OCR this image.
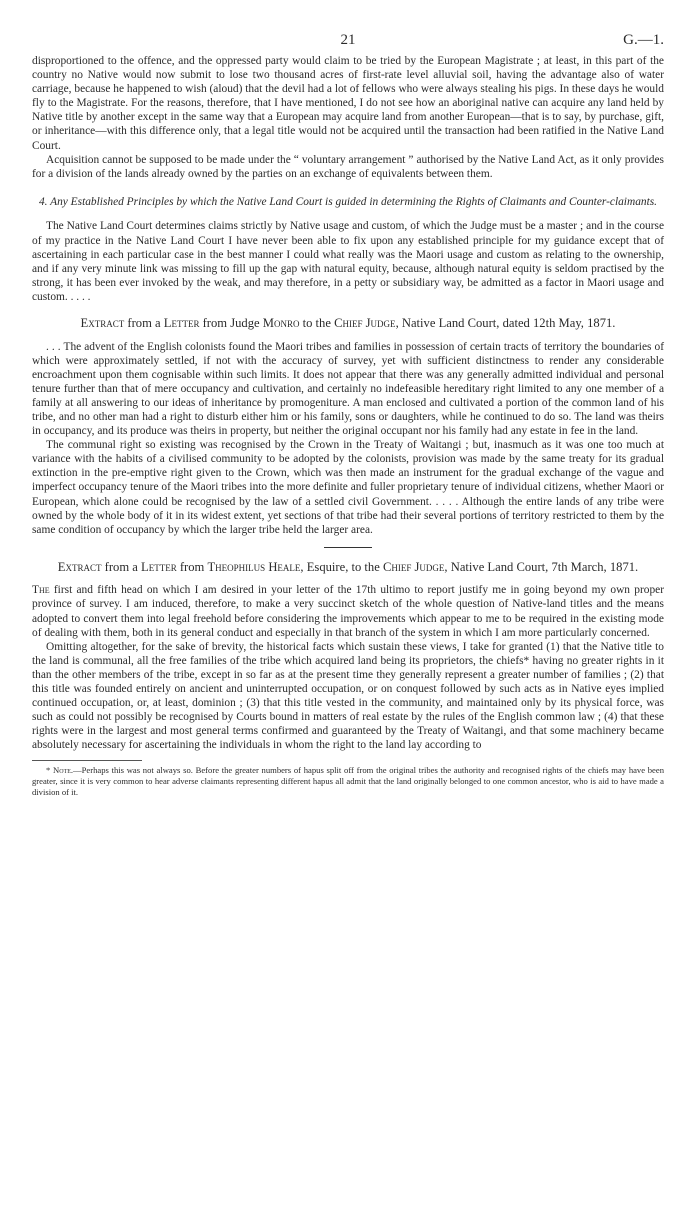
21	G.—1.

disproportioned to the offence, and the oppressed party would claim to be tried by the European Magistrate ; at least, in this part of the country no Native would now submit to lose two thousand acres of first-rate level alluvial soil, having the advantage also of water carriage, because he happened to wish (aloud) that the devil had a lot of fellows who were always stealing his pigs. In these days he would fly to the Magistrate. For the reasons, therefore, that I have mentioned, I do not see how an aboriginal native can acquire any land held by Native title by another except in the same way that a European may acquire land from another European—that is to say, by purchase, gift, or inheritance—with this difference only, that a legal title would not be acquired until the transaction had been ratified in the Native Land Court.

Acquisition cannot be supposed to be made under the “ voluntary arrangement ” authorised by the Native Land Act, as it only provides for a division of the lands already owned by the parties on an exchange of equivalents between them.

4. Any Established Principles by which the Native Land Court is guided in determining the Rights of Claimants and Counter-claimants.

The Native Land Court determines claims strictly by Native usage and custom, of which the Judge must be a master ; and in the course of my practice in the Native Land Court I have never been able to fix upon any established principle for my guidance except that of ascertaining in each particular case in the best manner I could what really was the Maori usage and custom as relating to the ownership, and if any very minute link was missing to fill up the gap with natural equity, because, although natural equity is seldom practised by the strong, it has been ever invoked by the weak, and may therefore, in a petty or subsidiary way, be admitted as a factor in Maori usage and custom. . . . .

Extract from a Letter from Judge Monro to the Chief Judge, Native Land Court, dated 12th May, 1871.

. . . The advent of the English colonists found the Maori tribes and families in possession of certain tracts of territory the boundaries of which were approximately settled, if not with the accuracy of survey, yet with sufficient distinctness to render any considerable encroachment upon them cognisable within such limits. It does not appear that there was any generally admitted individual and personal tenure further than that of mere occupancy and cultivation, and certainly no indefeasible hereditary right limited to any one member of a family at all answering to our ideas of inheritance by promogeniture. A man enclosed and cultivated a portion of the common land of his tribe, and no other man had a right to disturb either him or his family, sons or daughters, while he continued to do so. The land was theirs in occupancy, and its produce was theirs in property, but neither the original occupant nor his family had any estate in fee in the land.

The communal right so existing was recognised by the Crown in the Treaty of Waitangi ; but, inasmuch as it was one too much at variance with the habits of a civilised community to be adopted by the colonists, provision was made by the same treaty for its gradual extinction in the pre-emptive right given to the Crown, which was then made an instrument for the gradual exchange of the vague and imperfect occupancy tenure of the Maori tribes into the more definite and fuller proprietary tenure of individual citizens, whether Maori or European, which alone could be recognised by the law of a settled civil Government. . . . . Although the entire lands of any tribe were owned by the whole body of it in its widest extent, yet sections of that tribe had their several portions of territory restricted to them by the same condition of occupancy by which the larger tribe held the larger area.

Extract from a Letter from Theophilus Heale, Esquire, to the Chief Judge, Native Land Court, 7th March, 1871.

The first and fifth head on which I am desired in your letter of the 17th ultimo to report justify me in going beyond my own proper province of survey. I am induced, therefore, to make a very succinct sketch of the whole question of Native-land titles and the means adopted to convert them into legal freehold before considering the improvements which appear to me to be required in the existing mode of dealing with them, both in its general conduct and especially in that branch of the system in which I am more particularly concerned.

Omitting altogether, for the sake of brevity, the historical facts which sustain these views, I take for granted (1) that the Native title to the land is communal, all the free families of the tribe which acquired land being its proprietors, the chiefs* having no greater rights in it than the other members of the tribe, except in so far as at the present time they generally represent a greater number of families ; (2) that this title was founded entirely on ancient and uninterrupted occupation, or on conquest followed by such acts as in Native eyes implied continued occupation, or, at least, dominion ; (3) that this title vested in the community, and maintained only by its physical force, was such as could not possibly be recognised by Courts bound in matters of real estate by the rules of the English common law ; (4) that these rights were in the largest and most general terms confirmed and guaranteed by the Treaty of Waitangi, and that some machinery became absolutely necessary for ascertaining the individuals in whom the right to the land lay according to

* Note.—Perhaps this was not always so. Before the greater numbers of hapus split off from the original tribes the authority and recognised rights of the chiefs may have been greater, since it is very common to hear adverse claimants representing different hapus all admit that the land originally belonged to one common ancestor, who is aid to have made a division of it.
